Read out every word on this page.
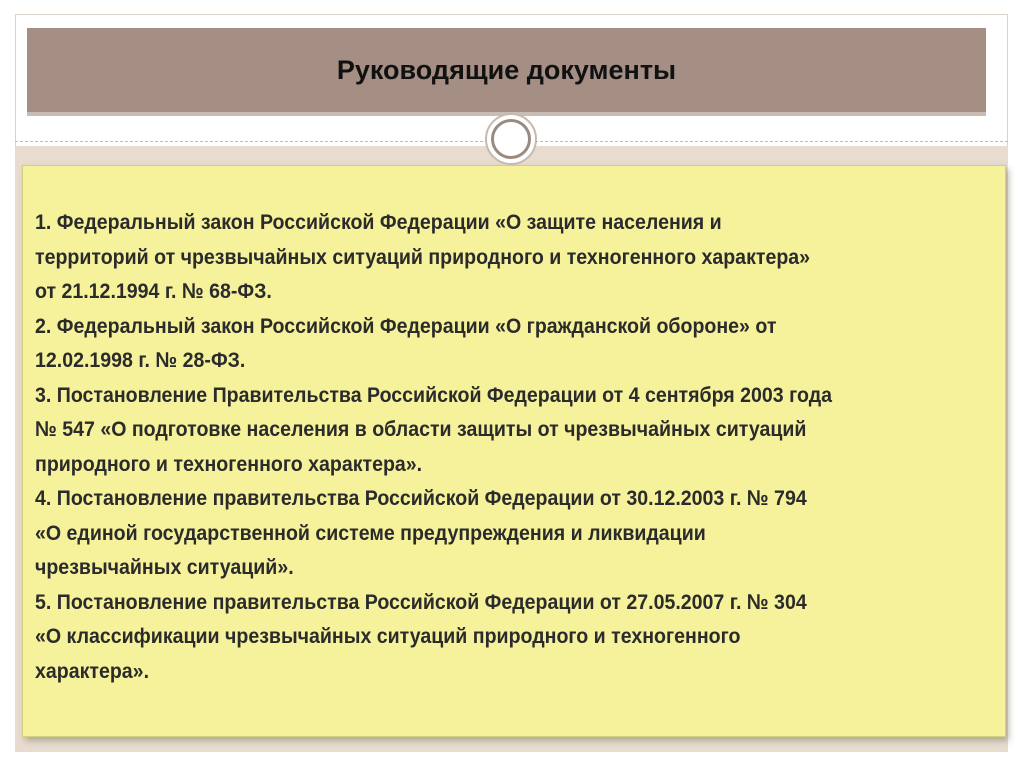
Руководящие документы
1. Федеральный закон Российской Федерации «О защите населения и
территорий от чрезвычайных ситуаций природного и техногенного характера»
от 21.12.1994 г. № 68-ФЗ.
2. Федеральный закон Российской Федерации «О гражданской обороне» от
12.02.1998 г. № 28-ФЗ.
3. Постановление Правительства Российской Федерации от 4 сентября 2003 года
№ 547 «О подготовке населения в области защиты от чрезвычайных ситуаций
природного и техногенного характера».
4. Постановление правительства Российской Федерации от 30.12.2003 г. № 794
«О единой государственной системе предупреждения и ликвидации
чрезвычайных ситуаций».
5. Постановление правительства Российской Федерации от 27.05.2007 г. № 304
«О классификации чрезвычайных ситуаций природного и техногенного
характера».
